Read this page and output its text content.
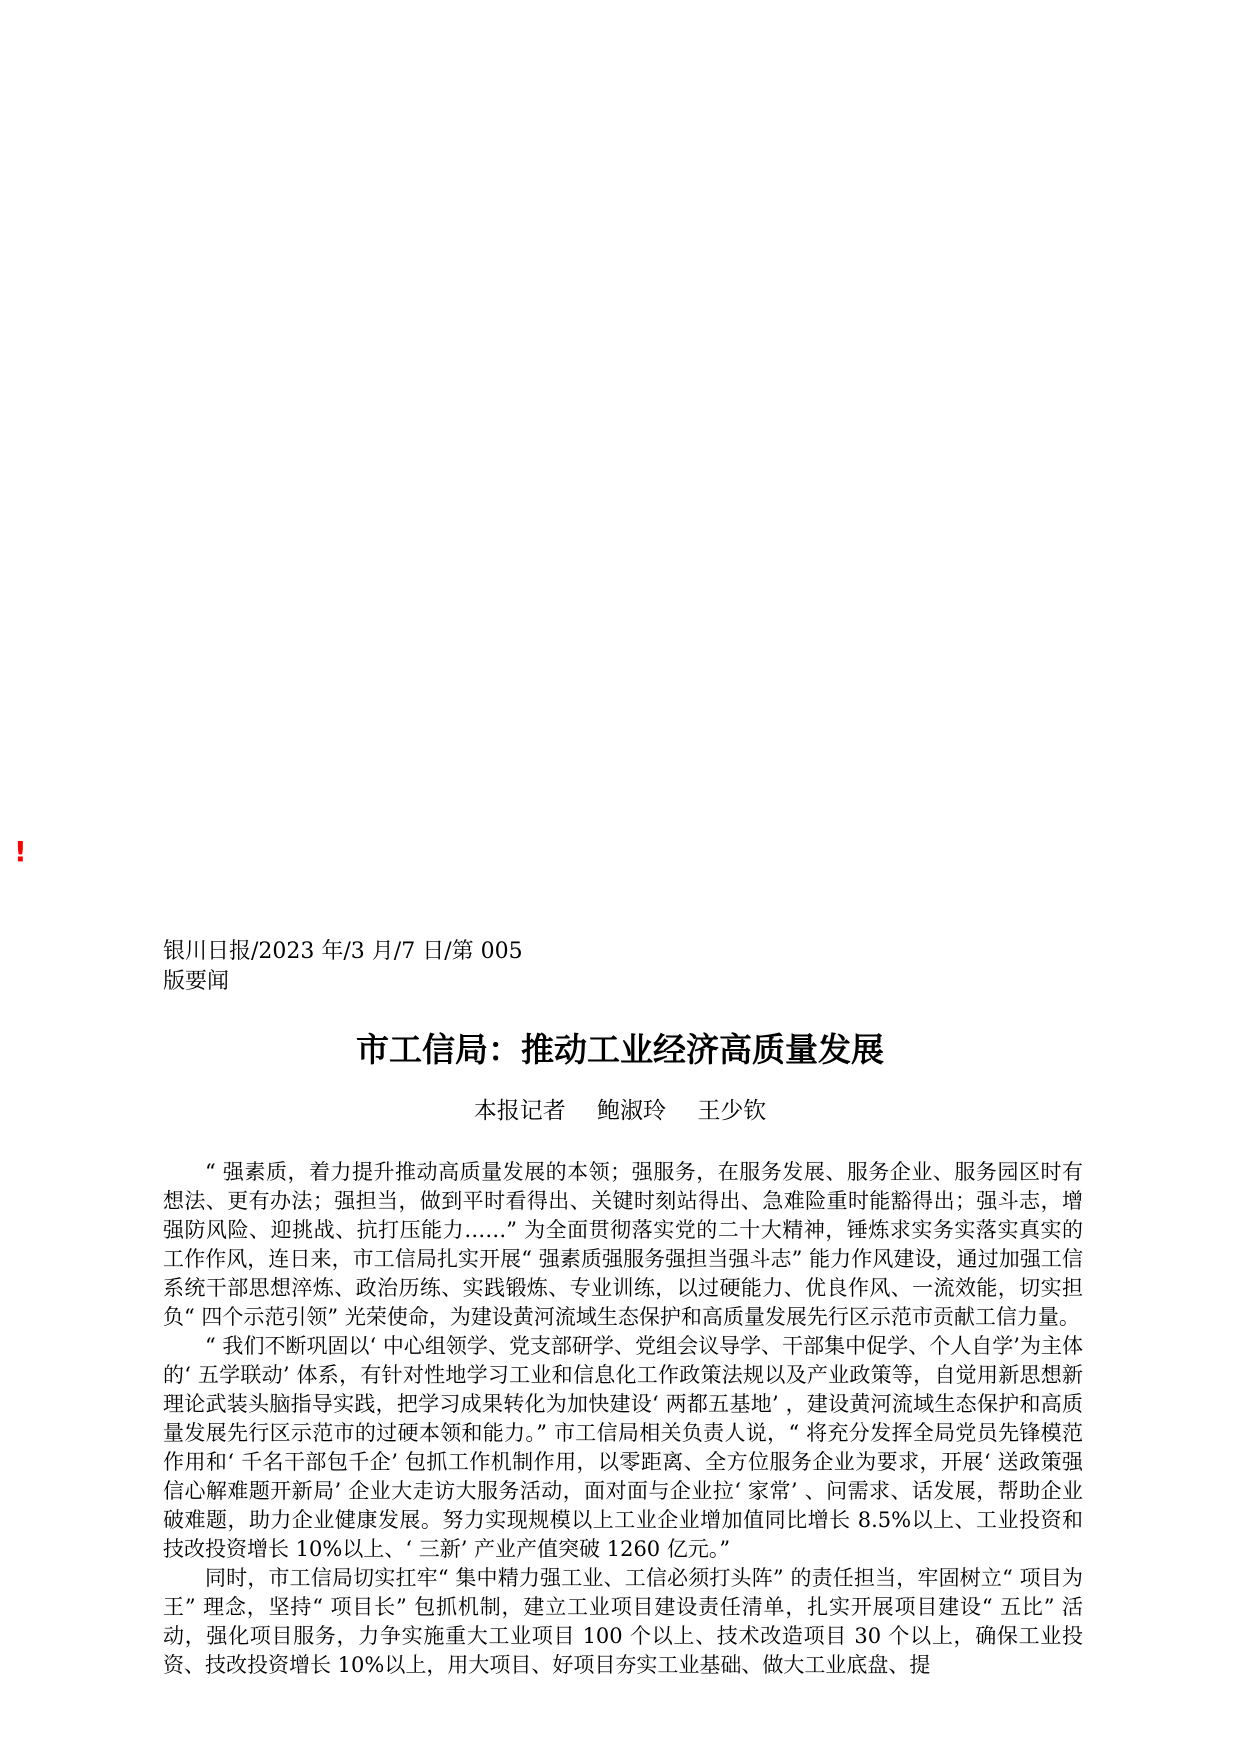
!
银川日报/2023 年/3 月/7 日/第 005
版要闻
市工信局：推动工业经济高质量发展
本报记者 鲍淑玲 王少钦

“ 强素质，着力提升推动高质量发展的本领；强服务，在服务发展、服务企业、服务园区时有想法、更有办法；强担当，做到平时看得出、关键时刻站得出、急难险重时能豁得出；强斗志，增强防风险、迎挑战、抗打压能力……” 为全面贯彻落实党的二十大精神，锤炼求实务实落实真实的工作作风，连日来，市工信局扎实开展“ 强素质强服务强担当强斗志” 能力作风建设，通过加强工信系统干部思想淬炼、政治历练、实践锻炼、专业训练，以过硬能力、优良作风、一流效能，切实担负“ 四个示范引领” 光荣使命，为建设黄河流域生态保护和高质量发展先行区示范市贡献工信力量。

“ 我们不断巩固以‘ 中心组领学、党支部研学、党组会议导学、干部集中促学、个人自学’为主体的‘ 五学联动’ 体系，有针对性地学习工业和信息化工作政策法规以及产业政策等，自觉用新思想新理论武装头脑指导实践，把学习成果转化为加快建设‘ 两都五基地’ ，建设黄河流域生态保护和高质量发展先行区示范市的过硬本领和能力。” 市工信局相关负责人说，“ 将充分发挥全局党员先锋模范作用和‘ 千名干部包千企’ 包抓工作机制作用，以零距离、全方位服务企业为要求，开展‘ 送政策强信心解难题开新局’ 企业大走访大服务活动，面对面与企业拉‘ 家常’ 、问需求、话发展，帮助企业破难题，助力企业健康发展。努力实现规模以上工业企业增加值同比增长 8.5%以上、工业投资和技改投资增长 10%以上、‘ 三新’ 产业产值突破 1260 亿元。”

同时，市工信局切实扛牢“ 集中精力强工业、工信必须打头阵” 的责任担当，牢固树立“ 项目为王” 理念，坚持“ 项目长” 包抓机制，建立工业项目建设责任清单，扎实开展项目建设“ 五比” 活动，强化项目服务，力争实施重大工业项目 100 个以上、技术改造项目 30 个以上，确保工业投资、技改投资增长 10%以上，用大项目、好项目夯实工业基础、做大工业底盘、提
